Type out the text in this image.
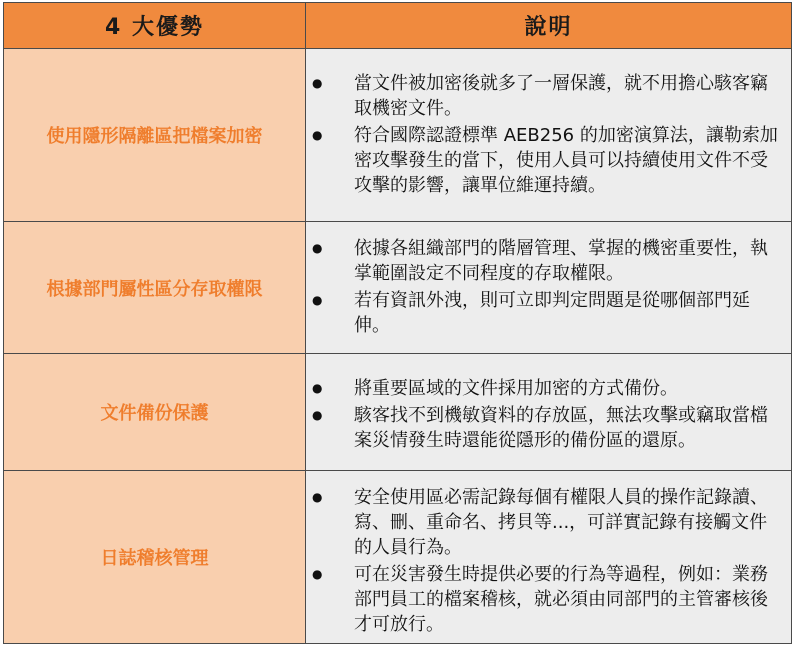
4 大優勢	說明
使用隱形隔離區把檔案加密
● 當文件被加密後就多了一層保護，就不用擔心駭客竊取機密文件。
● 符合國際認證標準 AEB256 的加密演算法，讓勒索加密攻擊發生的當下，使用人員可以持續使用文件不受攻擊的影響，讓單位維運持續。
根據部門屬性區分存取權限
● 依據各組織部門的階層管理、掌握的機密重要性，執掌範圍設定不同程度的存取權限。
● 若有資訊外洩，則可立即判定問題是從哪個部門延伸。
文件備份保護
● 將重要區域的文件採用加密的方式備份。
● 駭客找不到機敏資料的存放區，無法攻擊或竊取當檔案災情發生時還能從隱形的備份區的還原。
日誌稽核管理
● 安全使用區必需記錄每個有權限人員的操作記錄讀、寫、刪、重命名、拷貝等...，可詳實記錄有接觸文件的人員行為。
● 可在災害發生時提供必要的行為等過程，例如：業務部門員工的檔案稽核，就必須由同部門的主管審核後才可放行。
